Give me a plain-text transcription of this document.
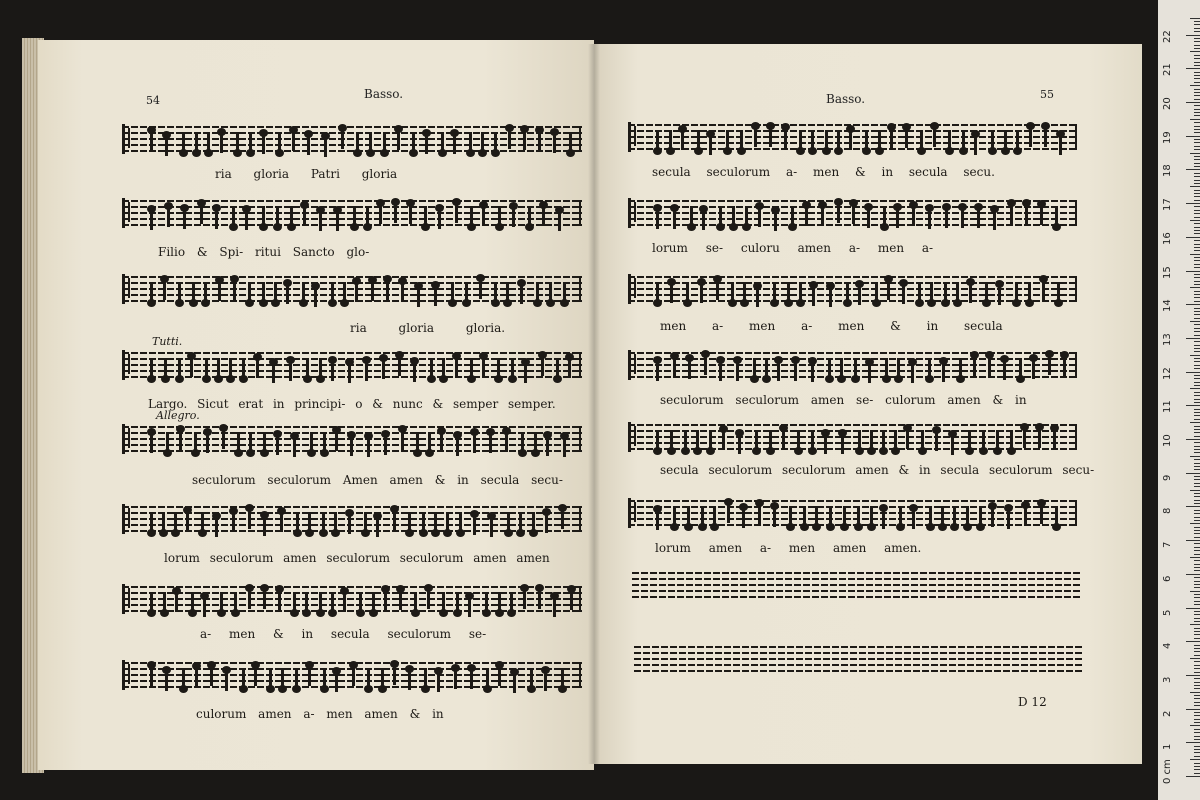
54	Basso.	Basso.	55
ria gloria Patri gloria
Filio & Spi- ritui Sancto glo-
ria gloria gloria.
Tutti.
Largo. Sicut erat in principi- o & nunc & semper semper.
Allegro.
seculorum seculorum Amen amen & in secula secu-
lorum seculorum amen seculorum seculorum amen amen
a- men & in secula seculorum se-
culorum amen a- men amen & in
secula seculorum a- men & in secula secu.
lorum se- culoru amen a- men a-
men a- men a- men & in secula
seculorum seculorum amen se- culorum amen & in
secula seculorum seculorum amen & in secula seculorum secu-
lorum amen a- men amen amen.
D 12
0 cm
1
2
3
4
5
6
7
8
9
10
11
12
13
14
15
16
17
18
19
20
21
22
